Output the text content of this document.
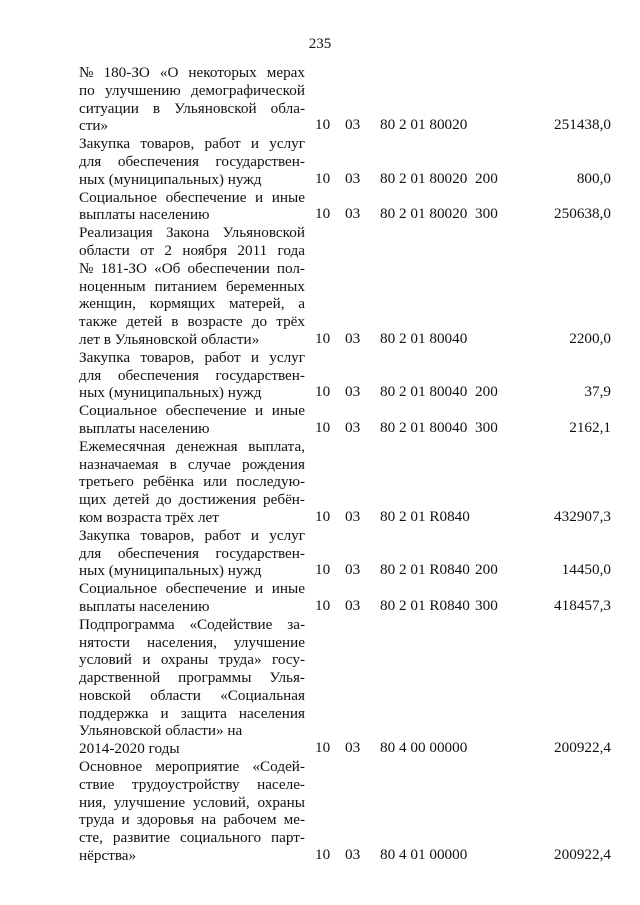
235
№ 180-ЗО «О некоторых мерах
по улучшению демографической
ситуации в Ульяновской обла-
сти»	10 03 80 2 01 80020	251438,0
Закупка товаров, работ и услуг
для обеспечения государствен-
ных (муниципальных) нужд	10 03 80 2 01 80020 200	800,0
Социальное обеспечение и иные
выплаты населению	10 03 80 2 01 80020 300	250638,0
Реализация Закона Ульяновской
области от 2 ноября 2011 года
№ 181-ЗО «Об обеспечении пол-
ноценным питанием беременных
женщин, кормящих матерей, а
также детей в возрасте до трёх
лет в Ульяновской области»	10 03 80 2 01 80040	2200,0
Закупка товаров, работ и услуг
для обеспечения государствен-
ных (муниципальных) нужд	10 03 80 2 01 80040 200	37,9
Социальное обеспечение и иные
выплаты населению	10 03 80 2 01 80040 300	2162,1
Ежемесячная денежная выплата,
назначаемая в случае рождения
третьего ребёнка или последую-
щих детей до достижения ребён-
ком возраста трёх лет	10 03 80 2 01 R0840	432907,3
Закупка товаров, работ и услуг
для обеспечения государствен-
ных (муниципальных) нужд	10 03 80 2 01 R0840 200	14450,0
Социальное обеспечение и иные
выплаты населению	10 03 80 2 01 R0840 300	418457,3
Подпрограмма «Содействие за-
нятости населения, улучшение
условий и охраны труда» госу-
дарственной программы Улья-
новской области «Социальная
поддержка и защита населения
Ульяновской области» на
2014-2020 годы	10 03 80 4 00 00000	200922,4
Основное мероприятие «Содей-
ствие трудоустройству населе-
ния, улучшение условий, охраны
труда и здоровья на рабочем ме-
сте, развитие социального парт-
нёрства»	10 03 80 4 01 00000	200922,4
